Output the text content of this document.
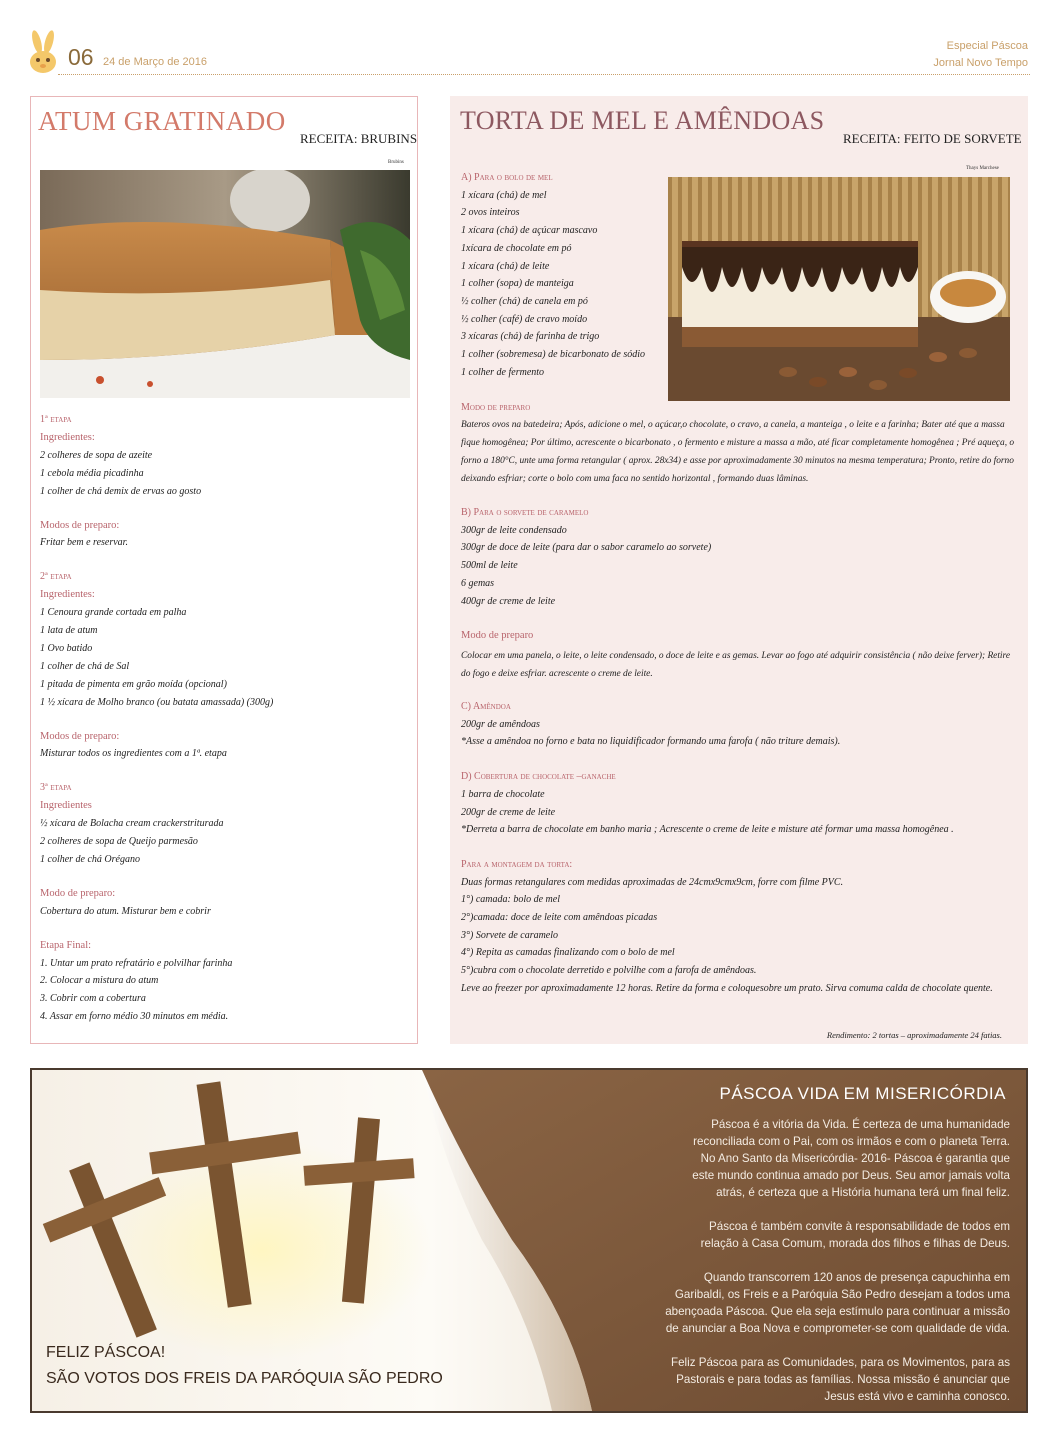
06 24 de Março de 2016
Especial Páscoa
Jornal Novo Tempo
ATUM GRATINADO
RECEITA: BRUBINS
Brubins
1ª etapa
Ingredientes:
2 colheres de sopa de azeite
1 cebola média picadinha
1 colher de chá demix de ervas ao gosto
Modos de preparo:
Fritar bem e reservar.
2ª etapa
Ingredientes:
1 Cenoura grande cortada em palha
1 lata de atum
1 Ovo batido
1 colher de chá de Sal
1 pitada de pimenta em grão moída (opcional)
1 ½ xícara de Molho branco (ou batata amassada) (300g)
Modos de preparo:
Misturar todos os ingredientes com a 1ª. etapa
3ª etapa
Ingredientes
½ xícara de Bolacha cream crackerstriturada
2 colheres de sopa de Queijo parmesão
1 colher de chá Orégano
Modo de preparo:
Cobertura do atum. Misturar bem e cobrir
Etapa Final:
1. Untar um prato refratário e polvilhar farinha
2. Colocar a mistura do atum
3. Cobrir com a cobertura
4. Assar em forno médio 30 minutos em média.
TORTA DE MEL E AMÊNDOAS
RECEITA: FEITO DE SORVETE
Thays Marchese
A) Para o bolo de mel
1 xícara (chá) de mel
2 ovos inteiros
1 xícara (chá) de açúcar mascavo
1xícara de chocolate em pó
1 xícara (chá) de leite
1 colher (sopa) de manteiga
½ colher (chá) de canela em pó
½ colher (café) de cravo moído
3 xícaras (chá) de farinha de trigo
1 colher (sobremesa) de bicarbonato de sódio
1 colher de fermento
B) Para o sorvete de caramelo
300gr de leite condensado
300gr de doce de leite (para dar o sabor caramelo ao sorvete)
500ml de leite
6 gemas
400gr de creme de leite
Modo de preparo
C) Amêndoa
200gr de amêndoas
*Asse a amêndoa no forno e bata no liquidificador formando uma farofa ( não triture demais).
D) Cobertura de chocolate –ganache
1 barra de chocolate
200gr de creme de leite
*Derreta a barra de chocolate em banho maria ; Acrescente o creme de leite e misture até formar uma massa homogênea .
Para a montagem da torta:
Duas formas retangulares com medidas aproximadas de 24cmx9cmx9cm, forre com filme PVC.
1°) camada: bolo de mel
2°)camada: doce de leite com amêndoas picadas
3°) Sorvete de caramelo
4°) Repita as camadas finalizando com o bolo de mel
5°)cubra com o chocolate derretido e polvilhe com a farofa de amêndoas.
Leve ao freezer por aproximadamente 12 horas. Retire da forma e coloquesobre um prato. Sirva comuma calda de chocolate quente.
Modo de preparo
Bateros ovos na batedeira; Após, adicione o mel, o açúcar,o chocolate, o cravo, a canela, a manteiga , o leite e a farinha; Bater até que a massa fique homogênea; Por último, acrescente o bicarbonato , o fermento e misture a massa a mão, até ficar completamente homogênea ; Pré aqueça, o forno a 180°C, unte uma forma retangular ( aprox. 28x34) e asse por aproximadamente 30 minutos na mesma temperatura; Pronto, retire do forno deixando esfriar; corte o bolo com uma faca no sentido horizontal , formando duas lâminas.
Colocar em uma panela, o leite, o leite condensado, o doce de leite e as gemas. Levar ao fogo até adquirir consistência ( não deixe ferver); Retire do fogo e deixe esfriar. acrescente o creme de leite.
Rendimento: 2 tortas – aproximadamente 24 fatias.
PÁSCOA VIDA EM MISERICÓRDIA
Páscoa é a vitória da Vida. É certeza de uma humanidade
reconciliada com o Pai, com os irmãos e com o planeta Terra.
No Ano Santo da Misericórdia- 2016- Páscoa é garantia que
este mundo continua amado por Deus. Seu amor jamais volta
atrás, é certeza que a História humana terá um final feliz.
Páscoa é também convite à responsabilidade de todos em
relação à Casa Comum, morada dos filhos e filhas de Deus.
Quando transcorrem 120 anos de presença capuchinha em
Garibaldi, os Freis e a Paróquia São Pedro desejam a todos uma
abençoada Páscoa. Que ela seja estímulo para continuar a missão
de anunciar a Boa Nova e comprometer-se com qualidade de vida.
Feliz Páscoa para as Comunidades, para os Movimentos, para as
Pastorais e para todas as famílias. Nossa missão é anunciar que
Jesus está vivo e caminha conosco.
FELIZ PÁSCOA!
SÃO VOTOS DOS FREIS DA PARÓQUIA SÃO PEDRO
